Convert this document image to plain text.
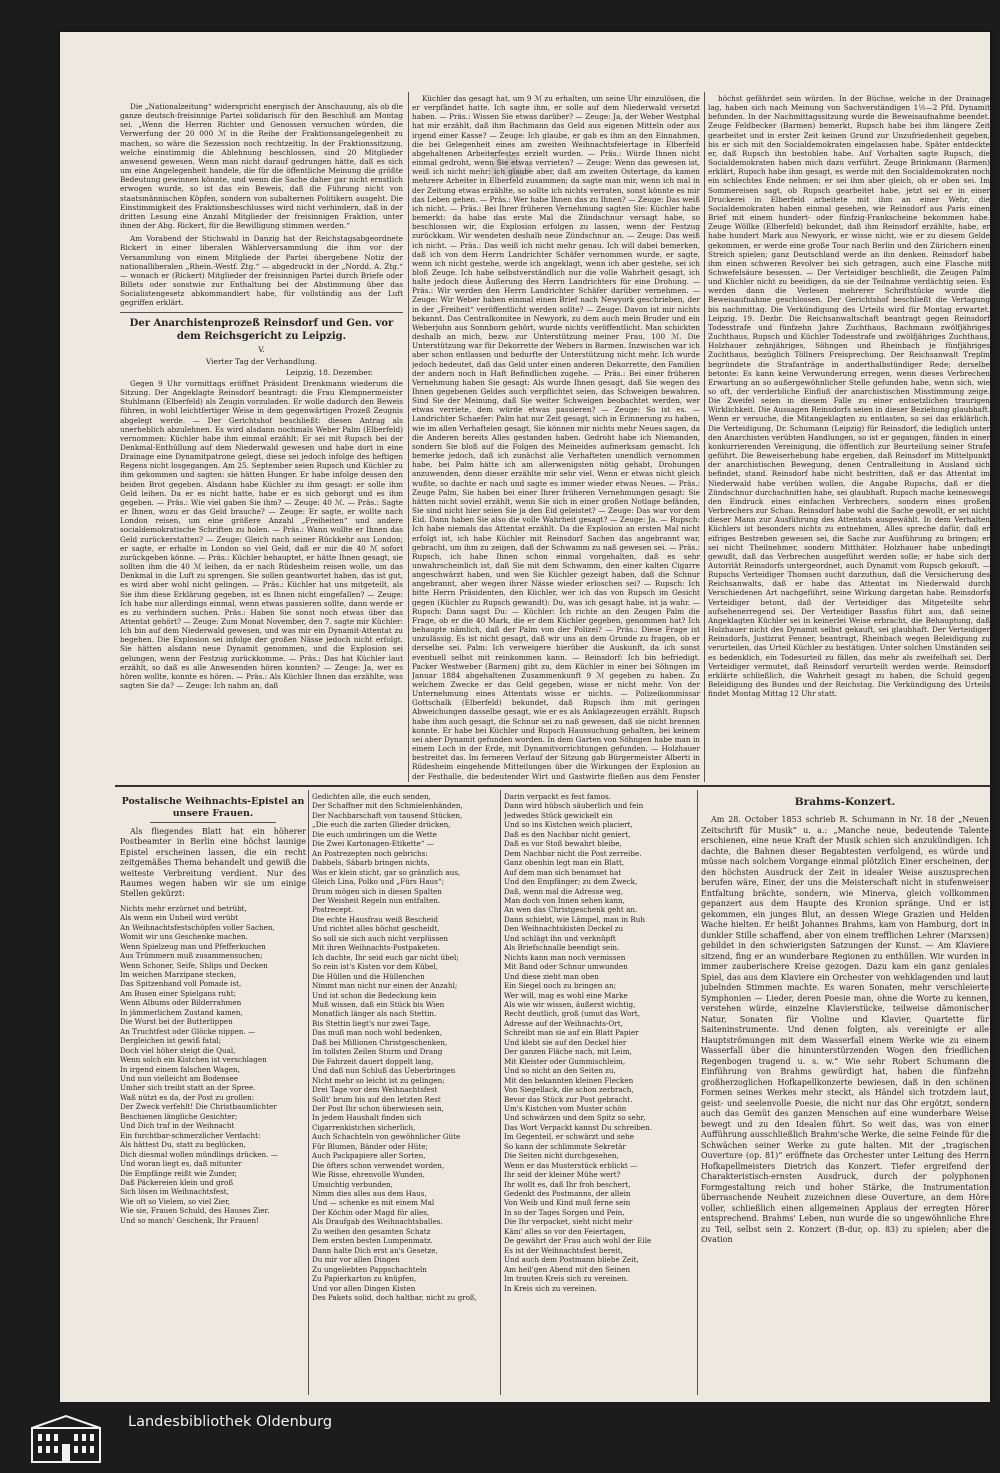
❧

Die „Nationalzeitung“ widerspricht energisch der Anschauung, als ob die ganze deutsch-freisinnige Partei solidarisch für den Beschluß am Montag sei. „Wenn die Herren Richter und Genossen versuchen würden, die Verwerfung der 20 000 ℳ in die Reihe der Fraktionsangelegenheit zu machen, so wäre die Sezession noch rechtzeitig. In der Fraktionssitzung, welche einstimmig die Ablehnung beschlossen, sind 20 Mitglieder anwesend gewesen. Wenn man nicht darauf gedrungen hätte, daß es sich um eine Angelegenheit handele, die für die öffentliche Meinung die größte Bedeutung gewinnen könnte, und wenn die Sache daher gar nicht ernstlich erwogen wurde, so ist das ein Beweis, daß die Führung nicht von staatsmännischen Köpfen, sondern von subalternen Politikern ausgeht. Die Einstimmigkeit des Fraktionsbeschlusses wird nicht verhindern, daß in der dritten Lesung eine Anzahl Mitglieder der freisinnigen Fraktion, unter ihnen der Abg. Rickert, für die Bewilligung stimmen werden.“

Am Vorabend der Stichwahl in Danzig hat der Reichstagsabgeordnete Rickert in einer liberalen Wählerversammlung die ihm vor der Versammlung von einem Mitgliede der Partei übergebene Notiz der nationalliberalen „Rhein.-Westf. Ztg.“ — abgedruckt in der „Nordd. A. Ztg.“ — wonach er (Rickert) Mitglieder der freisinnigen Partei durch Briefe oder Billets oder sonstwie zur Enthaltung bei der Abstimmung über das Socialistengesetz abkommandiert habe, für vollständig aus der Luft gegriffen erklärt.

Der Anarchistenprozeß Reinsdorf und Gen. vor dem Reichsgericht zu Leipzig.

V.

Vierter Tag der Verhandlung.

Leipzig, 18. Dezember.

Gegen 9 Uhr vormittags eröffnet Präsident Drenkmann wiederum die Sitzung. Der Angeklagte Reinsdorf beantragt: die Frau Klempnermeister Stuhlmann (Elberfeld) als Zeugin vorzuladen. Er wolle dadurch den Beweis führen, in wohl leichtfertiger Weise in dem gegenwärtigen Prozeß Zeugnis abgelegt werde. — Der Gerichtshof beschließt: diesen Antrag als unerheblich abzulehnen. Es wird alsdann nochmals Weber Palm (Elberfeld) vernommen: Küchler habe ihm einmal erzählt: Er sei mit Rupsch bei der Denkmal-Enthüllung auf dem Niederwald gewesen und habe dort in eine Drainage eine Dynamitpatrone gelegt, diese sei jedoch infolge des heftigen Regens nicht losgegangen. Am 25. September seien Rupsch und Küchler zu ihm gekommen und sagten: sie hätten Hunger. Er habe infolge dessen den beiden Brot gegeben. Alsdann habe Küchler zu ihm gesagt: er solle ihm Geld leihen. Da er es nicht hatte, habe er es sich geborgt und es ihm gegeben. — Präs.: Wie viel gaben Sie ihm? — Zeuge: 40 ℳ. — Präs.: Sagte er Ihnen, wozu er das Geld brauche? — Zeuge: Er sagte, er wollte nach London reisen, um eine größere Anzahl „Freiheiten“ und andere socialdemokratische Schriften zu holen. — Präs.: Wann wollte er Ihnen das Geld zurückerstatten? — Zeuge: Gleich nach seiner Rückkehr aus London; er sagte, er erhalte in London so viel Geld, daß er mir die 40 ℳ sofort zurückgeben könne. — Präs.: Küchler behauptet, er hätte Ihnen gesagt, sie sollten ihm die 40 ℳ leihen, da er nach Rüdesheim reisen wolle, um das Denkmal in die Luft zu sprengen. Sie sollen geantwortet haben, das ist gut, es wird aber wohl nicht gelingen. — Präs.: Küchler hat uns mitgeteilt, als Sie ihm diese Erklärung gegeben, ist es Ihnen nicht eingefallen? — Zeuge: Ich habe nur allerdings einmal, wenn etwas passieren sollte, dann werde er es zu verhindern suchen. Präs.: Haben Sie sonst noch etwas über das Attentat gehört? — Zeuge: Zum Monat November, den 7. sagte mir Küchler: Ich bin auf dem Niederwald gewesen, und was mir ein Dynamit-Attentat zu begehen. Die Explosion sei infolge der großen Nässe jedoch nicht erfolgt. Sie hätten alsdann neue Dynamit genommen, und die Explosion sei gelungen, wenn der Festzug zurückkomme. — Präs.: Das hat Küchler laut erzählt, so daß es alle Anwesenden hören konnten? — Zeuge: Ja, wer es hören wollte, konnte es hören. — Präs.: Als Küchler Ihnen das erzählte, was sagten Sie da? — Zeuge: Ich nahm an, daß

Küchler das gesagt hat, um 9 ℳ zu erhalten, um seine Uhr einzulösen, die er verpfändet hatte. Ich sagte ihm, er solle auf dem Niederwald versetzt haben. — Präs.: Wissen Sie etwas darüber? — Zeuge: Ja, der Weber Westphal hat mir erzählt, daß ihm Bachmann das Geld aus eigenen Mitteln oder aus irgend einer Kasse? — Zeuge: Ich glaube, er gab es ihm an den Einnahmen, die bei Gelegenheit eines am zweiten Weihnachtsfeiertage in Elberfeld abgehaltenen Arbeiterfestes erzielt wurden. — Präs.: Würde Ihnen nicht einmal gedroht, wenn Sie etwas verrieten? — Zeuge: Wenn das gewesen ist, weiß ich nicht mehr; ich glaube aber, daß am zweiten Ostertage, da kamen mehrere Arbeiter in Elberfeld zusammen; da sagte man mir, wenn ich mal in der Zeitung etwas erzählte, so sollte ich nichts verraten, sonst könnte es mir das Leben gehen. — Präs.: Wer habe Ihnen das zu Ihnen? — Zeuge: Das weiß ich nicht. — Präs.: Bei Ihrer früheren Vernehmung sagten Sie: Küchler habe bemerkt: da habe das erste Mal die Zündschnur versagt habe, so beschlossen wir, die Explosion erfolgen zu lassen, wenn der Festzug zurückkam. Wir wendeten deshalb neue Zündschnur an. — Zeuge: Das weiß ich nicht. — Präs.: Das weiß ich nicht mehr genau. Ich will dabei bemerken, daß ich von dem Herrn Landrichter Schäfer vernommen wurde, er sagte, wenn ich nicht gestehe, werde ich angeklagt, wenn ich aber gestehe, sei ich bloß Zeuge. Ich habe selbstverständlich nur die volle Wahrheit gesagt, ich halte jedoch diese Äußerung des Herrn Landrichters für eine Drohung. — Präs.: Wir werden den Herrn Landrichter Schäfer darüber vernehmen. — Zeuge: Wir Weber haben einmal einen Brief nach Newyork geschrieben, der in der „Freiheit“ veröffentlicht werden sollte? — Zeuge: Davon ist mir nichts bekannt. Das Centralkomitee in Newyork, zu dem auch mein Bruder und ein Weberjohn aus Sonnborn gehört, wurde nichts veröffentlicht. Man schickten deshalb an mich, bezw. zur Unterstützung meiner Frau, 100 ℳ. Die Unterstützung war für Dekorrette der Webers in Barmen. Inzwischen war ich aber schon entlassen und bedurfte der Unterstützung nicht mehr. Ich wurde jedoch bedeutet, daß das Geld unter einen anderen Dekorrette, den Familien der andern noch in Haft Befindlichen zugehe. — Präs.: Bei einer früheren Vernehmung haben Sie gesagt: Als wurde Ihnen gesagt, daß Sie wegen des Ihnen gegebenen Geldes auch verpflichtet seien, das Schweigen bewahren. Sind Sie der Meinung, daß Sie weiter Schweigen beobachtet werden, wer etwas verriete, dem würde etwas passieren? — Zeuge: So ist es. — Landrichter Schaefer: Palm hat nur Zeit gesagt, sich in Erinnerung zu haben, wie im allen Verhaftelen gesagt, Sie können mir nichts mehr Neues sagen, da die Anderen bereits Alles gestanden haben. Gedroht habe ich Niemanden, sondern Sie bloß auf die Folgen des Meineides aufmerksam gemacht. Ich bemerke jedoch, daß ich zunächst alle Verhafteten unendlich vernommen habe, bei Palm hätte ich am allerwenigsten nötig gehabt, Drohungen anzuwenden, denn dieser erzählte mir sehr viel. Wenn er etwas nicht gleich wußte, so dachte er nach und sagte es immer wieder etwas Neues. — Präs.: Zeuge Palm, Sie haben bei einer Ihrer früheren Vernehmungen gesagt: Sie hätten nicht soviel erzählt, wenn Sie sich in einer großen Notlage befänden, Sie sind nicht hier seien Sie ja den Eid geleistet? — Zeuge: Das war vor dem Eid. Dann haben Sie also die volle Wahrheit gesagt? — Zeuge: Ja. — Rupsch: Ich habe niemals das Attentat erzählt. Da die Explosion an ersten Mal nicht erfolgt ist, ich habe Küchler mit Reinsdorf Sachen das angebrannt war, gebracht, um ihm zu zeigen, daß der Schwamm zu naß gewesen sei. — Präs.: Rupsch, ich habe Ihnen schon einmal vorgehalten, daß es sehr unwahrscheinlich ist, daß Sie mit dem Schwamm, den einer kalten Cigarre angeschwärzt haben, und wen Sie Küchler gezeigt haben, daß die Schnur angebrannt, aber wegen ihrer Nässe wieder erloschen sei? — Rupsch: Ich bitte Herrn Präsidenten, den Küchler, wer ich das von Rupsch im Gesicht gegen (Küchler zu Rupsch gewandt): Du, was ich gesagt habe, ist ja wahr. — Rupsch: Dann sagst Du: — Küchler: Ich richte an den Zeugen Palm die Frage, ob er die 40 Mark, die er dem Küchler gegeben, genommen hat? Ich behaupte nämlich, daß der Palm von der Polizei? — Präs.: Diese Frage ist unzulässig. Es ist nicht gesagt, daß wir uns an dem Grunde zu fragen, ob er derselbe sei. Palm: Ich verweigere hierüber die Auskunft, da ich sonst eventuell selbst mit reinkommen kann. — Reinsdorf: Ich bin befriedigt. Packer Westweber (Barmen) gibt zu, dem Küchler in einer bei Söhngen im Januar 1884 abgehaltenen Zusammenkunft 9 ℳ gegeben zu haben. Zu welchem Zwecke er das Geld gegeben, wisse er nicht mehr. Von der Unternehmung eines Attentats wisse er nichts. — Polizeikommissar Gottschalk (Elberfeld) bekundet, daß Rupsch ihm mit geringen Abweichungen dasselbe gesagt, wie er es als Anklagezeugen erzählt. Rupsch habe ihm auch gesagt, die Schnur sei zu naß gewesen, daß sie nicht brennen konnte. Er habe bei Küchler und Rupsch Haussuchung gehalten, bei keinem sei aber Dynamit gefunden worden. In dem Garten von Söhngen habe man in einem Loch in der Erde, mit Dynamitvorrichtungen gefunden. — Holzhauer bestreitet das. Im ferneren Verlauf der Sitzung gab Bürgermeister Alberti in Rüdesheim eingehende Mitteilungen über die Wirkungen der Explosion an der Festhalle, die bedeutender Wirt und Gastwirte fließen aus dem Fenster

höchst gefährdet sein würden. In der Büchse, welche in der Drainage lag, haben sich nach Meinung von Sachverständigen 1½—2 Pfd. Dynamit befunden. In der Nachmittagssitzung wurde die Beweisaufnahme beendet. Zeuge Feldbecker (Barmen) bemerkt, Rupsch habe bei ihm längere Zeit gearbeitet und in erster Zeit keinen Grund zur Unzufriedenheit gegeben, bis er sich mit den Socialdemokraten eingelassen habe. Später entdeckte er, daß Rupsch ihn bestohlen habe. Auf Vorhalten sagte Rupsch, die Socialdemokraten haben mich dazu verführt. Zeuge Brinkmann (Barmen) erklärt, Rupsch habe ihm gesagt, es werde mit den Socialdemokraten noch ein schlechtes Ende nehmen; er sei ihm aber gleich, ob er oben sei. Im Sommereisen sagt, ob Rupsch gearbeitet habe, jetzt sei er in einer Druckerei in Elberfeld arbeitete mit ihm an einer Wehr, die Socialdemokraten haben einmal gesehen, wie Reinsdorf aus Paris einen Brief mit einem hundert- oder fünfzig-Frankscheine bekommen habe. Zeuge Wöllke (Elberfeld) bekundet, daß ihm Reinsdorf erzählte, habe, er habe hundert Mark aus Newyork, er wisse nicht, wie er zu diesem Gelde gekommen, er werde eine große Tour nach Berlin und den Zürichern einen Streich spielen; ganz Deutschland werde an ihn denken. Reinsdorf habe ihm einen schweren Revolver bei sich getragen, auch eine Flasche mit Schwefelsäure besessen. — Der Verteidiger beschließt, die Zeugen Palm und Küchler nicht zu beeidigen, da sie der Teilnahme verdächtig seien. Es werden dann die Verlesen mehrerer Schriftstücke wurde die Beweisaufnahme geschlossen. Der Gerichtshof beschließt die Vertagung bis nachmittag. Die Verkündigung des Urteils wird für Montag erwartet. Leipzig, 19. Dezbr. Die Reichsanwaltschaft beantragt gegen Reinsdorf Todesstrafe und fünfzehn Jahre Zuchthaus, Bachmann zwölfjähriges Zuchthaus, Rupsch und Küchler Todesstrafe und zwölfjähriges Zuchthaus, Holzhauer zehnjähriges, Söhngen und Rheinbach je fünfjähriges Zuchthaus, bezüglich Töllners Freisprechung. Der Reichsanwalt Treplin begründete die Strafanträge in anderthalbstündiger Rede; derselbe betonte: Es kann keine Verwunderung erregen, wenn dieses Verbrechen Erwartung an so außergewöhnlicher Stelle gefunden habe, wenn sich, wie so oft, der verderbliche Einfluß der anarchistischen Misstimmung zeige. Die Zweifel seien in diesem Falle zu einer entsetzlichen traurigen Wirklichkeit. Die Aussagen Reinsdorfs seien in dieser Beziehung glaubhaft. Wenn er versuche, die Mitangeklagten zu entlasten, so sei das erklärlich. Die Verteidigung, Dr. Schumann (Leipzig) für Reinsdorf, die lediglich unter den Anarchisten verübten Handlungen, so ist er gegangen, fänden in einer konkurrierenden Vereinigung, die öffentlich zur Beurteilung seiner Strafe geführt. Die Beweiserhebung habe ergeben, daß Reinsdorf im Mittelpunkt der anarchistischen Bewegung, denen Centralleitung in Ausland sich befindet, stand. Reinsdorf habe nicht bestritten, daß er das Attentat im Niederwald habe verüben wollen, die Angabe Rupschs, daß er die Zündschnur durchschnitten habe, sei glaubhaft. Rupsch mache keineswegs den Eindruck eines einfachen Verbrechers, sondern eines großen Verbrechers zur Schau. Reinsdorf habe wohl die Sache gewollt, er sei nicht dieser Mann zur Ausführung des Attentats ausgewählt. In dem Verhalten Küchlers ist besonders nichts zu entnehmen, Alles spreche dafür, daß er eifriges Bestreben gewesen sei, die Sache zur Ausführung zu bringen; er sei nicht Theilnehmer, sondern Mitthäter. Holzhauer habe unbedingt gewußt, daß das Verbrechen ausgeführt werden solle; er habe sich der Autorität Reinsdorfs untergeordnet, auch Dynamit vom Rupsch gekauft. — Rupschs Verteidiger Thomsen sucht darzuthun, daß die Versicherung des Reichsanwalts, daß er habe das Attentat im Niederwald durch Verschiedenen Art nachgeführt, seine Wirkung dargetan habe. Reinsdorfs Verteidiger betont, daß der Verteidiger das Mitgeteilte sehr aufsehenerregend sei. Der Verteidiger Bassfus führt aus, daß seine Angeklagten Küchler sei in keinerlei Weise erbracht, die Behauptung, daß Holzhauer nicht des Dynamit selbst gekauft, sei glaubhaft. Der Verteidiger Reinsdorfs, Justizrat Fenner, beantragt, Rheinbach wegen Beleidigung zu verurteilen, das Urteil Küchler zu bestätigen. Unter solchen Umständen sei es bedenklich, ein Todesurteil zu fällen, das mehr als zweifelhaft sei. Der Verteidiger vermutet, daß Reinsdorf verurteilt werden werde. Reinsdorf erklärte schließlich, die Wahrheit gesagt zu haben, die Schuld gegen Beleidigung des Bundes und der Reichstag. Die Verkündigung des Urteils findet Montag Mittag 12 Uhr statt.

Postalische Weihnachts-Epistel an unsere Frauen.

Als fliegendes Blatt hat ein höherer Postbeamter in Berlin eine höchst launige Epistel erscheinen lassen, die ein recht zeitgemäßes Thema behandelt und gewiß die weiteste Verbreitung verdient. Nur des Raumes wegen haben wir sie um einige Stellen gekürzt:

Nichts mehr erzürnet und betrübt,
Als wenn ein Unheil wird verübt
An Weihnachtsfestschöpfen voller Sachen,
Womit wir uns Geschenke machen.
Wenn Spielzeug man und Pfefferkuchen
Aus Trümmern muß zusammensuchen;
Wenn Schoner, Seife, Shlips und Decken
Im weichen Marzipane stecken,
Das Spitzenband voll Pomade ist,
Am Busen einer Spielgans ruht;
Wenn Albums oder Bilderrahmen
In jämmerlichem Zustand kamen,
Die Wurst bei der Butterlippen
An Truchtfest oder Glöcke nippen. —
Dergleichen ist gewiß fatal;
Doch viel höher steigt die Qual,
Wenn solch ein Kistchen ist verschlagen
In irgend einem falschen Wagen,
Und nun vielleicht am Bodensee
Umher sich treibt statt an der Spree.
Waß nützt es da, der Post zu grollen:
Der Zweck verfehlt! Die Christbaumlichter
Beschienen längliche Gesichter;
Und Dich traf in der Weihnacht
Ein furchtbar-schmerzlicher Verdacht:
Als hättest Du, statt zu beglücken,
Dich diesmal wollen mündlings drücken. —
Und woran liegt es, daß mitunter
Die Empfänge reißt wie Zunder,
Daß Päckereien klein und groß
Sich lösen im Weihnachtsfest,
Wie oft so Vielem, so viel Zier,
Wie sie, Frauen Schuld, des Hauses Zier.
Und so manch' Geschenk, Ihr Frauen!
Gedichten alle, die euch senden,
Der Schaffner mit den Schmielenhänden,
Der Nachbarschaft von tausend Stücken,
„Die euch die zarten Glieder drücken,
Die euch umbringen um die Wette
Die Zwei Kartonagen-Etikette“ —
An Postrezepten noch gebrichs:
Dabbels, Säbarb bringen nichts,
Was er klein sticht, gar so gränzlich aus,
Gleich Lina, Polko und „Fürs Haus“;
Drum mögen sich in diesen Spalten
Der Weisheit Regeln nun entfalten.
Postrecept.
Die echte Hausfrau weiß Bescheid
Und richtet alles höchst gescheidt,
So soll sie sich auch nicht verplüssen
Mit ihren Weihnachts-Postpaketen.
Ich dachte, Ihr seid euch gar nicht übel;
So rein ist's Kisten vor dem Kübel,
Die Hüllen und die Hüllenchen
Nimmt man nicht nur einen der Anzahl;
Und ist schon die Bedeckung kein
Muß wissen, daß ein Stück bis Wien
Monatlich länger als nach Stettin.
Bis Stettin liegt's nur zwei Tage,
Das muß man noch wohl bedenken,
Daß bei Millionen Christgeschenken,
Im tollsten Zeilen Sturm und Drang
Die Fahrzeit dauert doppelt lang,
Und daß nun Schluß das Ueberbringen
Nicht mehr so leicht ist zu gelingen;
Drei Tage vor dem Weihnachtsfest
Sollt' brum bis auf den letzten Rest
Der Post Ihr schon überwiesen sein,
In jedem Haushalt finden sich
Cigarrenkistchen sicherlich,
Auch Schachteln von gewöhnlicher Güte
Für Blumen, Bänder oder Hüte;
Auch Packpapiere aller Sorten,
Die öfters schon verwendet worden,
Wie Risse, ehrenvolle Wunden,
Umsichtig verbunden,
Nimm dies alles aus dem Haus,
Und — schenke es mit einem Mal
Der Köchin oder Magd für alles,
Als Draufgab des Weihnachtsballes.
Zu weihen den gesamten Schatz
Dem ersten besten Lumpenmatz.
Dann halte Dich erst an's Gesetze,
Du mir vor allen Dingen
Zu ungeliebten Pappschachteln
Zu Papierkarton zu knüpfen,
Und vor allen Dingen Kisten
Des Pakets solid, doch haltbar, nicht zu groß,
Darin verpackt es fest famos.
Dann wird hübsch säuberlich und fein
Jedwedes Stück gewickelt ein
Und so ins Kistchen weich placiert,
Daß es den Nachbar nicht geniert,
Daß es vor Stoß bewahrt bleibe,
Dem Nachbar nicht die Post zerreibe.
Ganz obenhin legt man ein Blatt,
Auf dem man sich benamset hat
Und den Empfänger; zu dem Zweck,
Daß, wenn mal die Adresse weg,
Man doch von Innen sehen kann,
An wen das Christgeschenk geht an.
Dann schiebt, wie Lämpel, man in Ruh
Den Weihnachtskisten Deckel zu
Und schlägt ihn und verknüpft
Als Briefschnalle beendigt sein.
Nichts kann man noch vermissen
Mit Band oder Schnur umwunden
Und diese zieht man oben
Ein Siegel noch zu bringen an;
Wer will, mag es wohl eine Marke
Als wie wir wissen, äußerst wichtig,
Recht deutlich, groß (umut das Wort,
Adresse auf der Weihnachts-Ort,
Schreibt man sie auf ein Blatt Papier
Und klebt sie auf den Deckel hier
Der ganzen Fläche nach, mit Leim,
Mit Kleister oder Gummischleim,
Und so nicht an den Seiten zu,
Mit den bekannten kleinen Flecken
Von Siegellack, die schon zerbrach,
Bevor das Stück zur Post gebracht.
Um's Kistchen vom Muster schön
Und schwärzen und dem Spitz so sehr,
Das Wort Verpackt kannst Du schreiben.
Im Gegenteil, er schwärzt und sehe
So kann der schlimmste Sekretär
Die Seiten nicht durchgesehen,
Wenn er das Musterstück erblickt —
Ihr seid der kleiner Mühe wert?
Ihr wollt es, daß Ihr froh beschert,
Gedenkt des Postmanns, der allein
Von Weib und Kind muß ferne sein
In so der Tages Sorgen und Pein,
Die Ihr verpacket, sieht nicht mehr
Käm' alles so vor den Feiertagen,
De gewährt der Frau auch wohl der Eile
Es ist der Weihnachtsfest bereit,
Und auch dem Postmann bliebe Zeit,
Am heil'gen Abend mit den Seinen
Im trauten Kreis sich zu vereinen.
In Kreis sich zu vereinen.

Brahms-Konzert.

Am 28. October 1853 schrieb R. Schumann in Nr. 18 der „Neuen Zeitschrift für Musik“ u. a.: „Manche neue, bedeutende Talente erschienen, eine neue Kraft der Musik schien sich anzukündigen. Ich dachte, die Bahnen dieser Begabtesten verfolgend, es würde und müsse nach solchem Vorgange einmal plötzlich Einer erscheinen, der den höchsten Ausdruck der Zeit in idealer Weise auszusprechen berufen wäre, Einer, der uns die Meisterschaft nicht in stufenweiser Entfaltung brächte, sondern, wie Minerva, gleich vollkommen gepanzert aus dem Haupte des Kronion spränge. Und er ist gekommen, ein junges Blut, an dessen Wiege Grazien und Helden Wache hielten. Er heißt Johannes Brahms, kam von Hamburg, dort in dunkler Stille schaffend, aber von einem trefflichen Lehrer (Marxsen) gebildet in den schwierigsten Satzungen der Kunst. — Am Klaviere sitzend, fing er an wunderbare Regionen zu enthüllen. Wir wurden in immer zauberischere Kreise gezogen. Dazu kam ein ganz geniales Spiel, das aus dem Klaviere ein Orchester von wehklagenden und laut jubelnden Stimmen machte. Es waren Sonaten, mehr verschleierte Symphonien — Lieder, deren Poesie man, ohne die Worte zu kennen, verstehen würde, einzelne Klavierstücke, teilweise dämonischer Natur, Sonaten für Violine und Klavier, Quartette für Saiteninstrumente. Und denen folgten, als vereinigte er alle Hauptströmungen mit dem Wasserfall einem Werke wie zu einem Wasserfall über die hinunterstürzenden Wogen den friedlichen Regenbogen tragend u. s. w.“ Wie sehr Robert Schumann die Einführung von Brahms gewürdigt hat, haben die fünfzehn großherzoglichen Hofkapellkonzerte bewiesen, daß in den schönen Formen seines Werkes mehr steckt, als Händel sich trotzdem laut, geist- und seelenvolle Poesie, die nicht nur das Ohr ergötzt, sondern auch das Gemüt des ganzen Menschen auf eine wunderbare Weise bewegt und zu den Idealen führt. So weit das, was von einer Aufführung ausschließlich Brahm'sche Werke, die seine Feinde für die Schwächen seiner Werke zu gute halten. Mit der „tragischen Ouverture (op. 81)“ eröffnete das Orchester unter Leitung des Herrn Hofkapellmeisters Dietrich das Konzert. Tiefer ergreifend der Charakteristisch-ernsten Ausdruck, durch der polyphonen Formgestaltung reich und hoher Stärke, die Instrumentation überraschende Neuheit zuzeichnen diese Ouverture, an dem Höre voller, schließlich einen allgemeinen Applaus der erregten Hörer entsprechend. Brahms' Leben, nun wurde die so ungewöhnliche Ehre zu Teil, selbst sein 2. Konzert (B-dur, op. 83) zu spielen; aber die Ovation

Landesbibliothek Oldenburg
